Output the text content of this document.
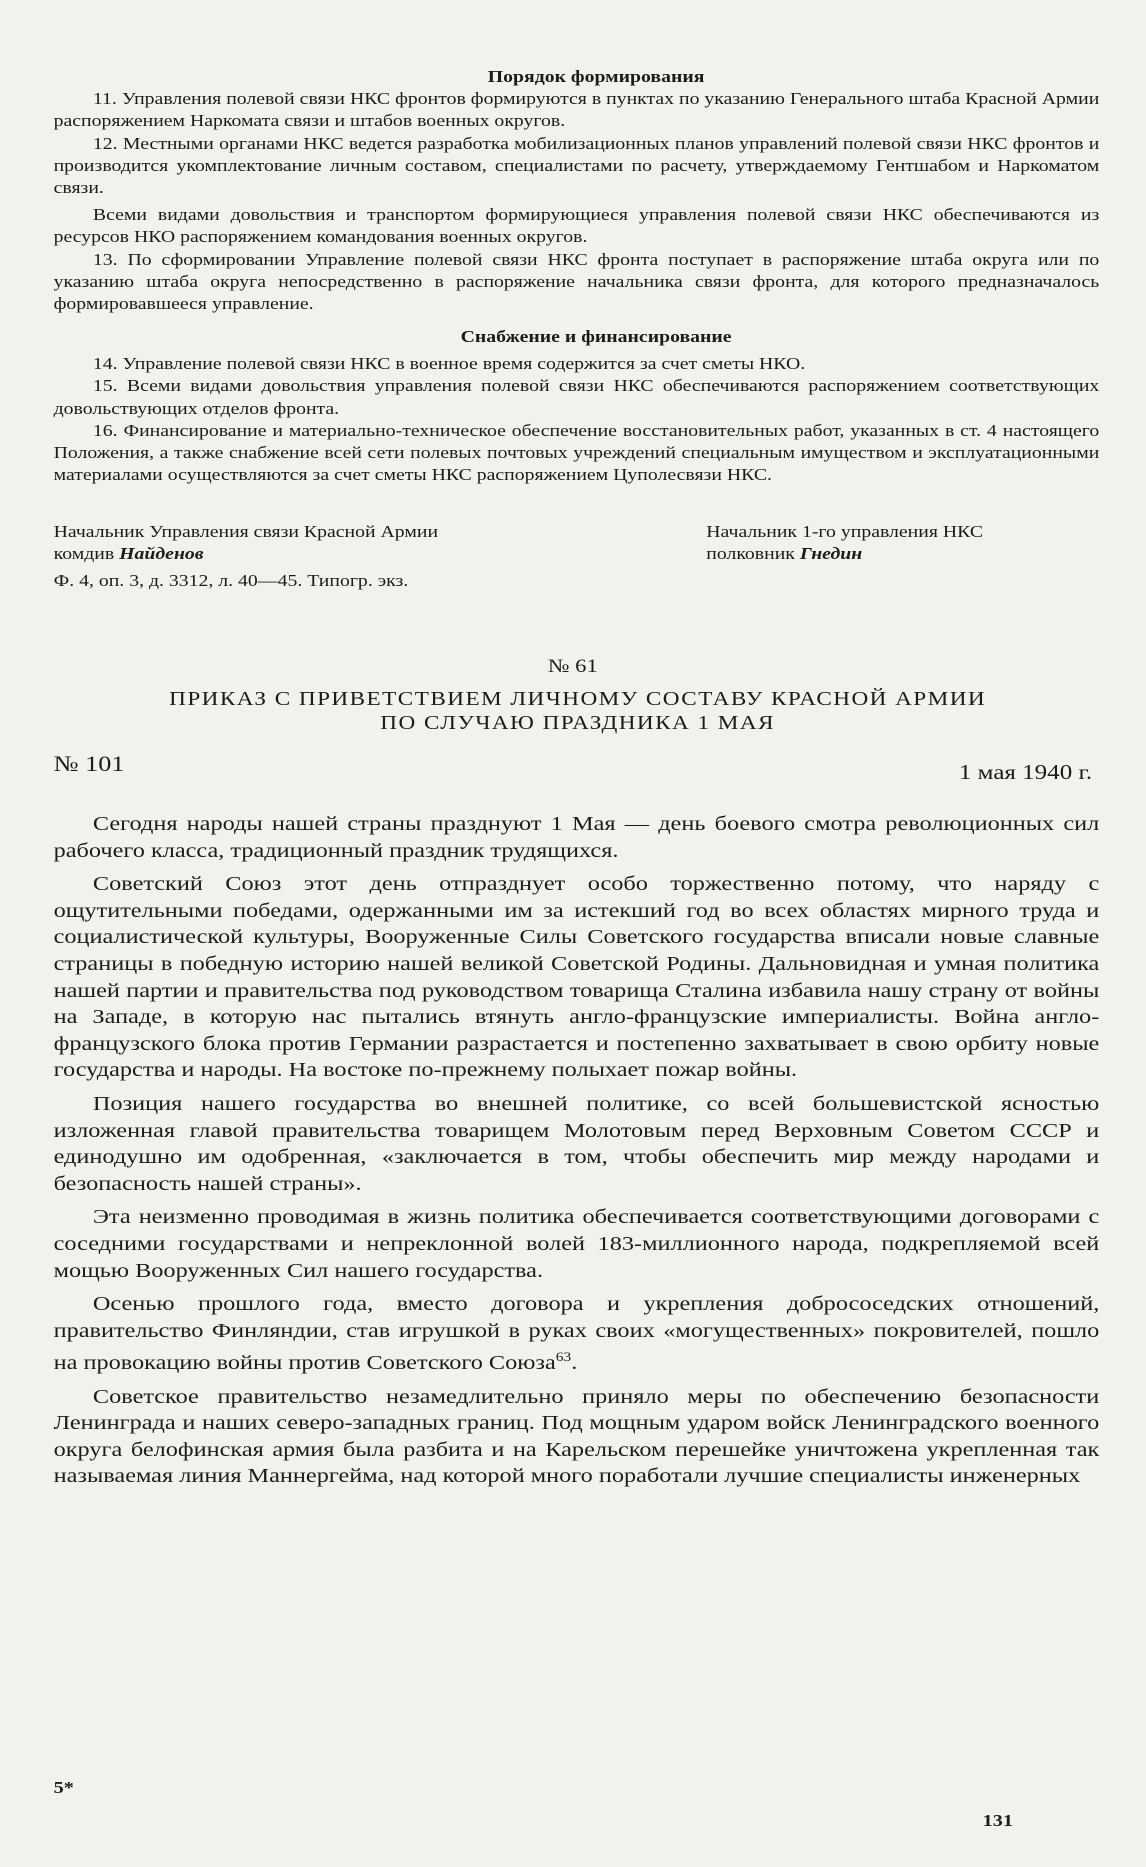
Порядок формирования

11. Управления полевой связи НКС фронтов формируются в пунктах по указанию Генерального штаба Красной Армии распоряжением Наркомата связи и штабов военных округов.

12. Местными органами НКС ведется разработка мобилизационных планов управлений полевой связи НКС фронтов и производится укомплектование личным составом, специалистами по расчету, утверждаемому Гентшабом и Наркоматом связи.

Всеми видами довольствия и транспортом формирующиеся управления полевой связи НКС обеспечиваются из ресурсов НКО распоряжением командования военных округов.

13. По сформировании Управление полевой связи НКС фронта поступает в распоряжение штаба округа или по указанию штаба округа непосредственно в распоряжение начальника связи фронта, для которого предназначалось формировавшееся управление.

Снабжение и финансирование

14. Управление полевой связи НКС в военное время содержится за счет сметы НКО.

15. Всеми видами довольствия управления полевой связи НКС обеспечиваются распоряжением соответствующих довольствующих отделов фронта.

16. Финансирование и материально-техническое обеспечение восстановительных работ, указанных в ст. 4 настоящего Положения, а также снабжение всей сети полевых почтовых учреждений специальным имуществом и эксплуатационными материалами осуществляются за счет сметы НКС распоряжением Цуполесвязи НКС.

Начальник Управления связи Красной Армии
комдив Найденов
Начальник 1-го управления НКС
полковник Гнедин
Ф. 4, оп. 3, д. 3312, л. 40—45. Типогр. экз.
№ 61
ПРИКАЗ С ПРИВЕТСТВИЕМ ЛИЧНОМУ СОСТАВУ КРАСНОЙ АРМИИ
ПО СЛУЧАЮ ПРАЗДНИКА 1 МАЯ
№ 101	1 мая 1940 г.

Сегодня народы нашей страны празднуют 1 Мая — день боевого смотра революционных сил рабочего класса, традиционный праздник трудящихся.

Советский Союз этот день отпразднует особо торжественно потому, что наряду с ощутительными победами, одержанными им за истекший год во всех областях мирного труда и социалистической культуры, Вооруженные Силы Советского государства вписали новые славные страницы в победную историю нашей великой Советской Родины. Дальновидная и умная политика нашей партии и правительства под руководством товарища Сталина избавила нашу страну от войны на Западе, в которую нас пытались втянуть англо-французские империалисты. Война англо-французского блока против Германии разрастается и постепенно захватывает в свою орбиту новые государства и народы. На востоке по-прежнему полыхает пожар войны.

Позиция нашего государства во внешней политике, со всей большевистской ясностью изложенная главой правительства товарищем Молотовым перед Верховным Советом СССР и единодушно им одобренная, «заключается в том, чтобы обеспечить мир между народами и безопасность нашей страны».

Эта неизменно проводимая в жизнь политика обеспечивается соответствующими договорами с соседними государствами и непреклонной волей 183-миллионного народа, подкрепляемой всей мощью Вооруженных Сил нашего государства.

Осенью прошлого года, вместо договора и укрепления добрососедских отношений, правительство Финляндии, став игрушкой в руках своих «могущественных» покровителей, пошло на провокацию войны против Советского Союза$^{63}$.

Советское правительство незамедлительно приняло меры по обеспечению безопасности Ленинграда и наших северо-западных границ. Под мощным ударом войск Ленинградского военного округа белофинская армия была разбита и на Карельском перешейке уничтожена укрепленная так называемая линия Маннергейма, над которой много поработали лучшие специалисты инженерных

5*
131
